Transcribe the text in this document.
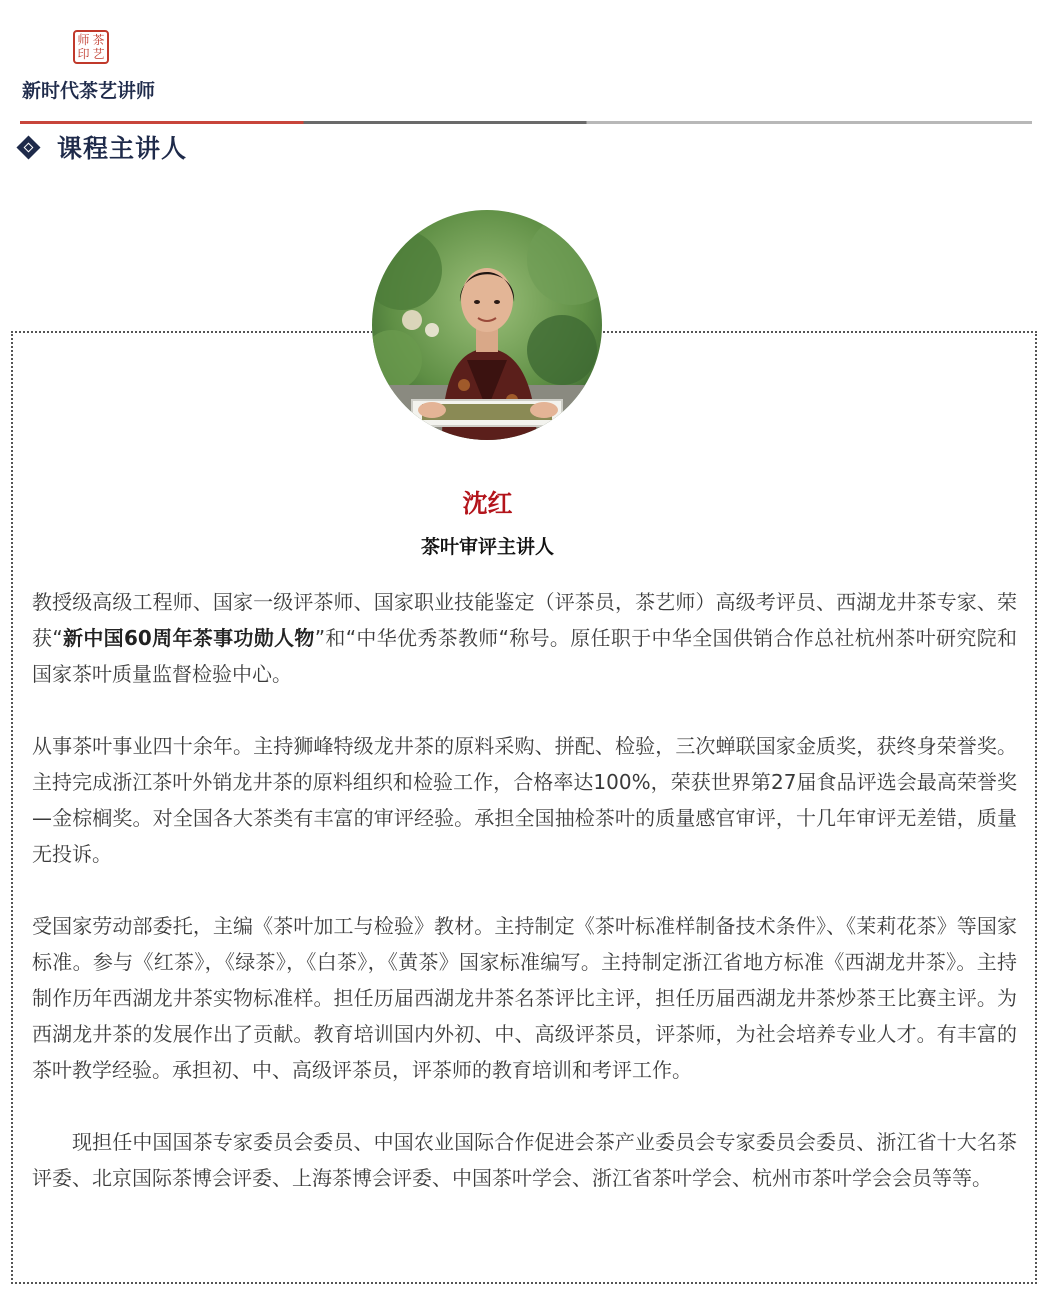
师 茶
印 艺
新时代茶艺讲师
课程主讲人
沈红
茶叶审评主讲人

教授级高级工程师、国家一级评茶师、国家职业技能鉴定（评茶员，茶艺师）高级考评员、西湖龙井茶专家、荣获“新中国60周年茶事功勋人物”和“中华优秀茶教师“称号。原任职于中华全国供销合作总社杭州茶叶研究院和国家茶叶质量监督检验中心。

从事茶叶事业四十余年。主持狮峰特级龙井茶的原料采购、拼配、检验，三次蝉联国家金质奖，获终身荣誉奖。主持完成浙江茶叶外销龙井茶的原料组织和检验工作，合格率达100%，荣获世界第27届食品评选会最高荣誉奖—金棕榈奖。对全国各大茶类有丰富的审评经验。承担全国抽检茶叶的质量感官审评，十几年审评无差错，质量无投诉。

受国家劳动部委托，主编《茶叶加工与检验》教材。主持制定《茶叶标准样制备技术条件》、《茉莉花茶》等国家标准。参与《红茶》，《绿茶》，《白茶》，《黄茶》国家标准编写。主持制定浙江省地方标准《西湖龙井茶》。主持制作历年西湖龙井茶实物标准样。担任历届西湖龙井茶名茶评比主评，担任历届西湖龙井茶炒茶王比赛主评。为西湖龙井茶的发展作出了贡献。教育培训国内外初、中、高级评茶员，评茶师，为社会培养专业人才。有丰富的茶叶教学经验。承担初、中、高级评茶员，评茶师的教育培训和考评工作。

现担任中国国茶专家委员会委员、中国农业国际合作促进会茶产业委员会专家委员会委员、浙江省十大名茶评委、北京国际茶博会评委、上海茶博会评委、中国茶叶学会、浙江省茶叶学会、杭州市茶叶学会会员等等。
